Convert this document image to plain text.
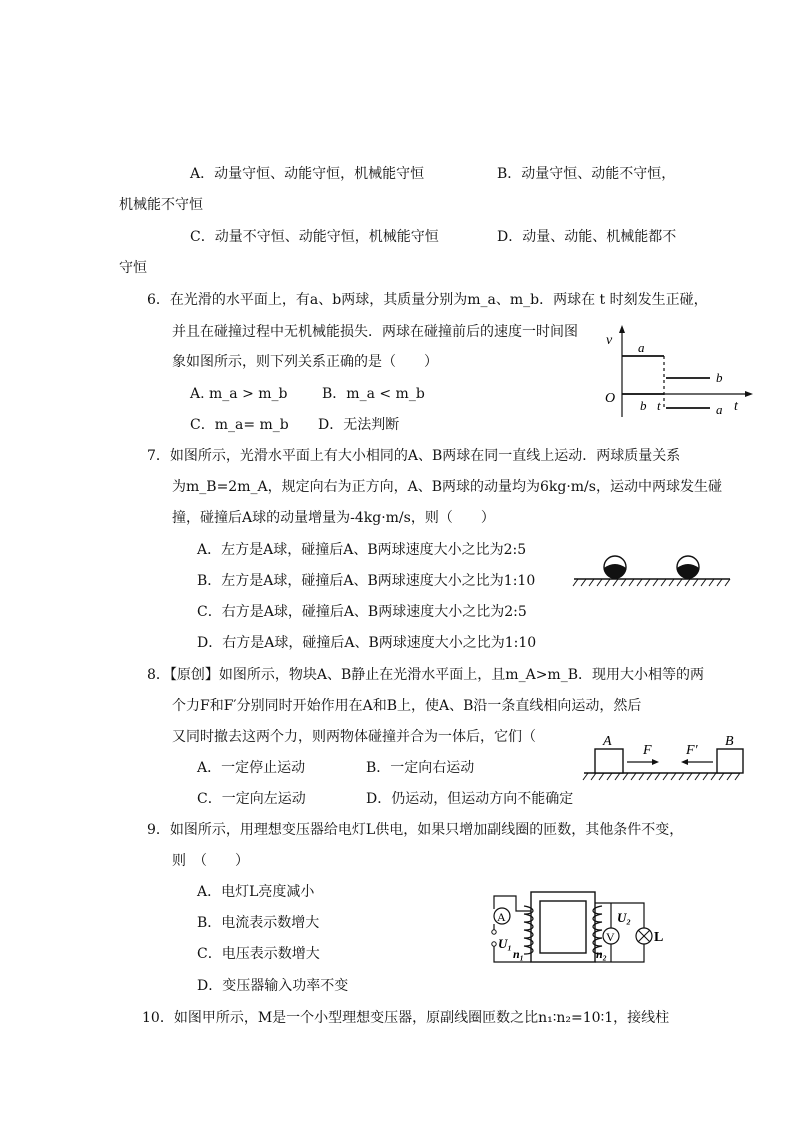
A．动量守恒、动能守恒，机械能守恒	B．动量守恒、动能不守恒，
机械能不守恒
C．动量不守恒、动能守恒，机械能守恒	D．动量、动能、机械能都不
守恒
6．在光滑的水平面上，有a、b两球，其质量分别为m_a、m_b．两球在 t 时刻发生正碰，
并且在碰撞过程中无机械能损失．两球在碰撞前后的速度一时间图
象如图所示，则下列关系正确的是（　　）
A. m_a > m_b B．m_a < m_b
C．m_a= m_b D．无法判断
v
O
t
a
b t
b
a
7．如图所示，光滑水平面上有大小相同的A、B两球在同一直线上运动．两球质量关系
为m_B=2m_A，规定向右为正方向，A、B两球的动量均为6kg·m/s，运动中两球发生碰
撞，碰撞后A球的动量增量为-4kg·m/s，则（　　）
A．左方是A球，碰撞后A、B两球速度大小之比为2:5
B．左方是A球，碰撞后A、B两球速度大小之比为1:10
C．右方是A球，碰撞后A、B两球速度大小之比为2:5
D．右方是A球，碰撞后A、B两球速度大小之比为1:10
8．【原创】如图所示，物块A、B静止在光滑水平面上，且m_A>m_B．现用大小相等的两
个力F和F′分别同时开始作用在A和B上，使A、B沿一条直线相向运动，然后
又同时撤去这两个力，则两物体碰撞并合为一体后，它们（
A．一定停止运动	B．一定向右运动
C．一定向左运动	D．仍运动，但运动方向不能确定
A	B
F F′
9．如图所示，用理想变压器给电灯L供电，如果只增加副线圈的匝数，其他条件不变，
则　（　　）
A．电灯L亮度减小
B．电流表示数增大
C．电压表示数增大
D．变压器输入功率不变
A
V	L
U₁
n₁
U₂
n₂
10．如图甲所示，M是一个小型理想变压器，原副线圈匝数之比n₁∶n₂=10∶1，接线柱
